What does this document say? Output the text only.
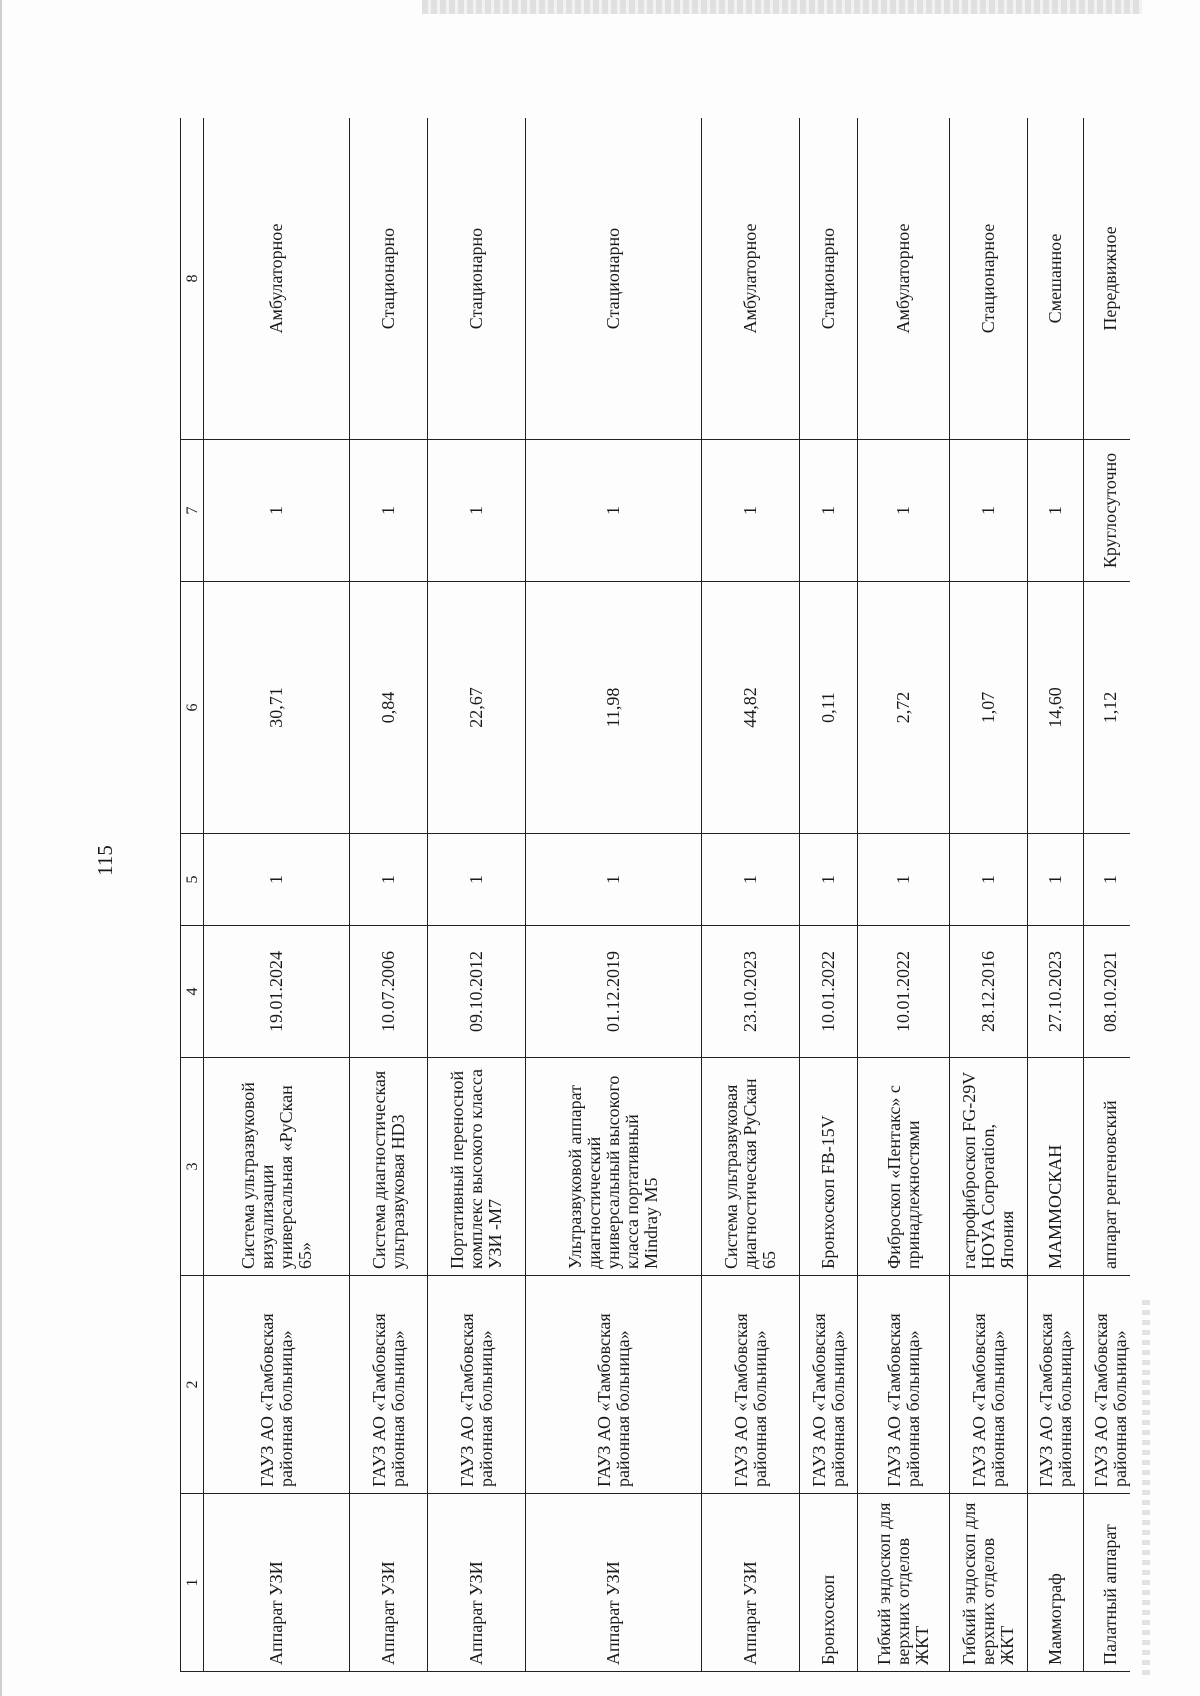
115
1	2	3	4	5	6	7	8
Аппарат УЗИ	ГАУЗ АО «Тамбовская районная больница»	Система ультразвуковой визуализации универсальная «РуСкан 65»	19.01.2024	1	30,71	1	Амбулаторное
Аппарат УЗИ	ГАУЗ АО «Тамбовская районная больница»	Система диагностическая ультразвуковая HD3	10.07.2006	1	0,84	1	Стационарно
Аппарат УЗИ	ГАУЗ АО «Тамбовская районная больница»	Портативный переносной комплекс высокого класса УЗИ -М7	09.10.2012	1	22,67	1	Стационарно
Аппарат УЗИ	ГАУЗ АО «Тамбовская районная больница»	Ультразвуковой аппарат диагностический универсальный высокого класса портативный Mindray M5	01.12.2019	1	11,98	1	Стационарно
Аппарат УЗИ	ГАУЗ АО «Тамбовская районная больница»	Система ультразвуковая диагностическая РуСкан 65	23.10.2023	1	44,82	1	Амбулаторное
Бронхоскоп	ГАУЗ АО «Тамбовская районная больница»	Бронхоскоп FB-15V	10.01.2022	1	0,11	1	Стационарно
Гибкий эндоскоп для верхних отделов ЖКТ	ГАУЗ АО «Тамбовская районная больница»	Фиброскоп «Пентакс» с принадлежностями	10.01.2022	1	2,72	1	Амбулаторное
Гибкий эндоскоп для верхних отделов ЖКТ	ГАУЗ АО «Тамбовская районная больница»	гастрофиброскоп FG-29V HOYA Corporation, Япония	28.12.2016	1	1,07	1	Стационарное
Маммограф	ГАУЗ АО «Тамбовская районная больница»	МАММОСКАН	27.10.2023	1	14,60	1	Смешанное
Палатный аппарат	ГАУЗ АО «Тамбовская районная больница»	аппарат ренгеновский	08.10.2021	1	1,12	Круглосуточно	Передвижное
